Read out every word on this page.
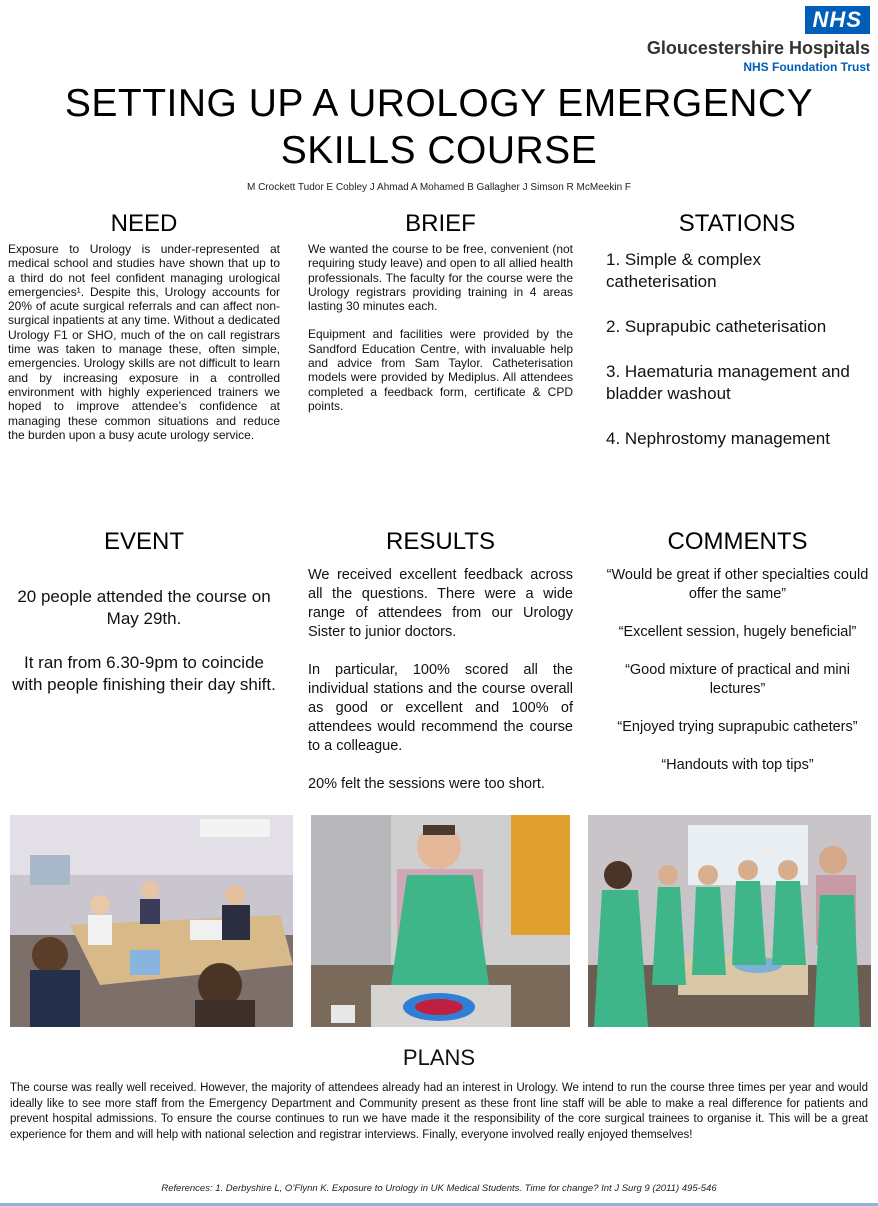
NHS
Gloucestershire Hospitals
NHS Foundation Trust
SETTING UP A UROLOGY EMERGENCY
SKILLS COURSE
M Crockett Tudor E Cobley J Ahmad A Mohamed B Gallagher J Simson R McMeekin F
NEED
Exposure to Urology is under-represented at medical school and studies have shown that up to a third do not feel confident managing urological emergencies¹. Despite this, Urology accounts for 20% of acute surgical referrals and can affect non-surgical inpatients at any time. Without a dedicated Urology F1 or SHO, much of the on call registrars time was taken to manage these, often simple, emergencies. Urology skills are not difficult to learn and by increasing exposure in a controlled environment with highly experienced trainers we hoped to improve attendee’s confidence at managing these common situations and reduce the burden upon a busy acute urology service.
BRIEF
We wanted the course to be free, convenient (not requiring study leave) and open to all allied health professionals. The faculty for the course were the Urology registrars providing training in 4 areas lasting 30 minutes each.
Equipment and facilities were provided by the Sandford Education Centre, with invaluable help and advice from Sam Taylor. Catheterisation models were provided by Mediplus. All attendees completed a feedback form, certificate & CPD points.
STATIONS
1. Simple & complex catheterisation
2. Suprapubic catheterisation
3. Haematuria management and bladder washout
4. Nephrostomy management
EVENT
20 people attended the course on May 29th.
It ran from 6.30-9pm to coincide with people finishing their day shift.
RESULTS
We received excellent feedback across all the questions. There were a wide range of attendees from our Urology Sister to junior doctors.
In particular, 100% scored all the individual stations and the course overall as good or excellent and 100% of attendees would recommend the course to a colleague.
20% felt the sessions were too short.
COMMENTS
“Would be great if other specialties could offer the same”
“Excellent session, hugely beneficial”
“Good mixture of practical and mini lectures”
“Enjoyed trying suprapubic catheters”
“Handouts with top tips”
PLANS
The course was really well received. However, the majority of attendees already had an interest in Urology. We intend to run the course three times per year and would ideally like to see more staff from the Emergency Department and Community present as these front line staff will be able to make a real difference for patients and prevent hospital admissions. To ensure the course continues to run we have made it the responsibility of the core surgical trainees to organise it. This will be a great experience for them and will help with national selection and registrar interviews. Finally, everyone involved really enjoyed themselves!
References: 1. Derbyshire L, O’Flynn K. Exposure to Urology in UK Medical Students. Time for change? Int J Surg 9 (2011) 495-546
